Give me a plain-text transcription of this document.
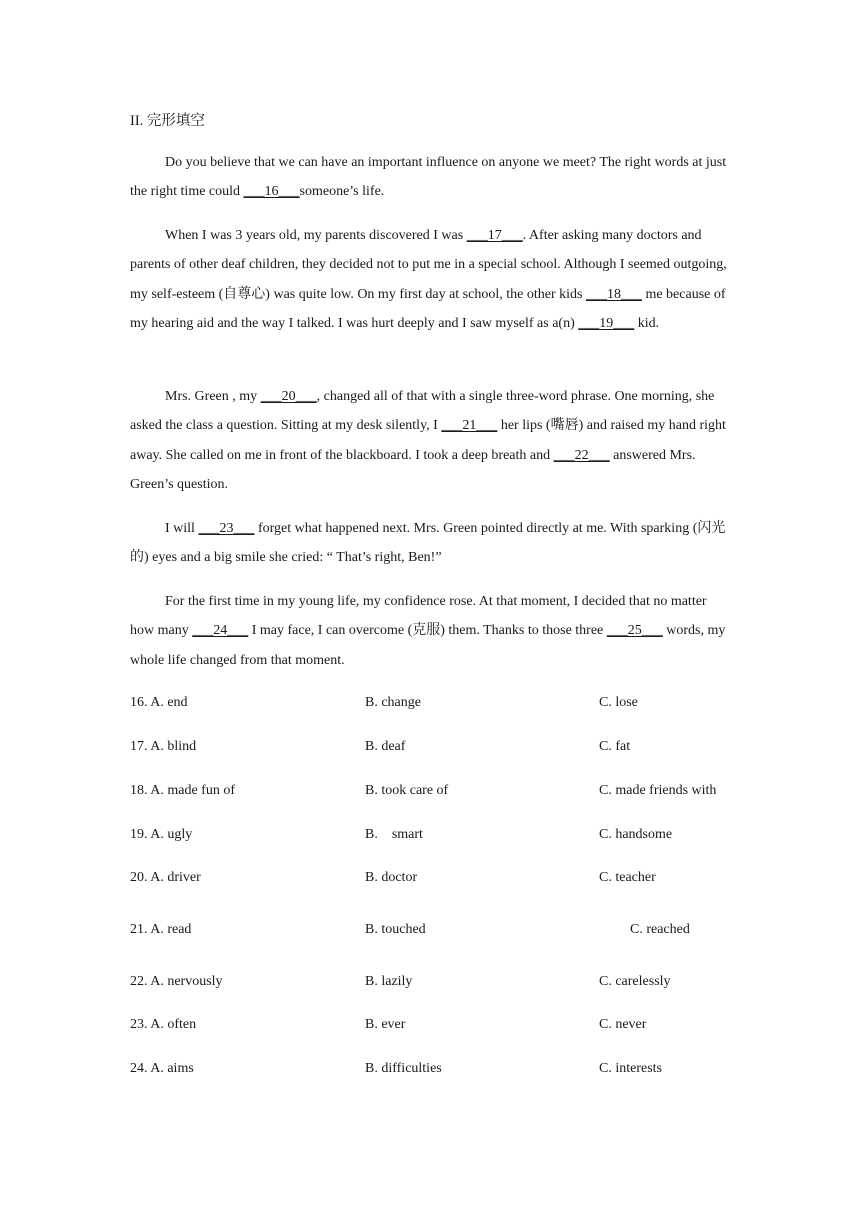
II. 完形填空

Do you believe that we can have an important influence on anyone we meet? The right words at just the right time could ___16___someone’s life.

When I was 3 years old, my parents discovered I was ___17___. After asking many doctors and parents of other deaf children, they decided not to put me in a special school. Although I seemed outgoing, my self-esteem (自尊心) was quite low. On my first day at school, the other kids ___18___ me because of my hearing aid and the way I talked. I was hurt deeply and I saw myself as a(n) ___19___ kid.

Mrs. Green , my ___20___, changed all of that with a single three-word phrase. One morning, she asked the class a question. Sitting at my desk silently, I ___21___ her lips (嘴唇) and raised my hand right away. She called on me in front of the blackboard. I took a deep breath and ___22___ answered Mrs. Green’s question.

I will ___23___ forget what happened next. Mrs. Green pointed directly at me. With sparking (闪光的) eyes and a big smile she cried: “ That’s right, Ben!”

For the first time in my young life, my confidence rose. At that moment, I decided that no matter how many ___24___ I may face, I can overcome (克服) them. Thanks to those three ___25___ words, my whole life changed from that moment.

16. A. end	B. change	C. lose
17. A. blind	B. deaf	C. fat
18. A. made fun of	B. took care of	C. made friends with
19. A. ugly	B.    smart	C. handsome
20. A. driver	B. doctor	C. teacher
21. A. read	B. touched	C. reached
22. A. nervously	B. lazily	C. carelessly
23. A. often	B. ever	C. never
24. A. aims	B. difficulties	C. interests
